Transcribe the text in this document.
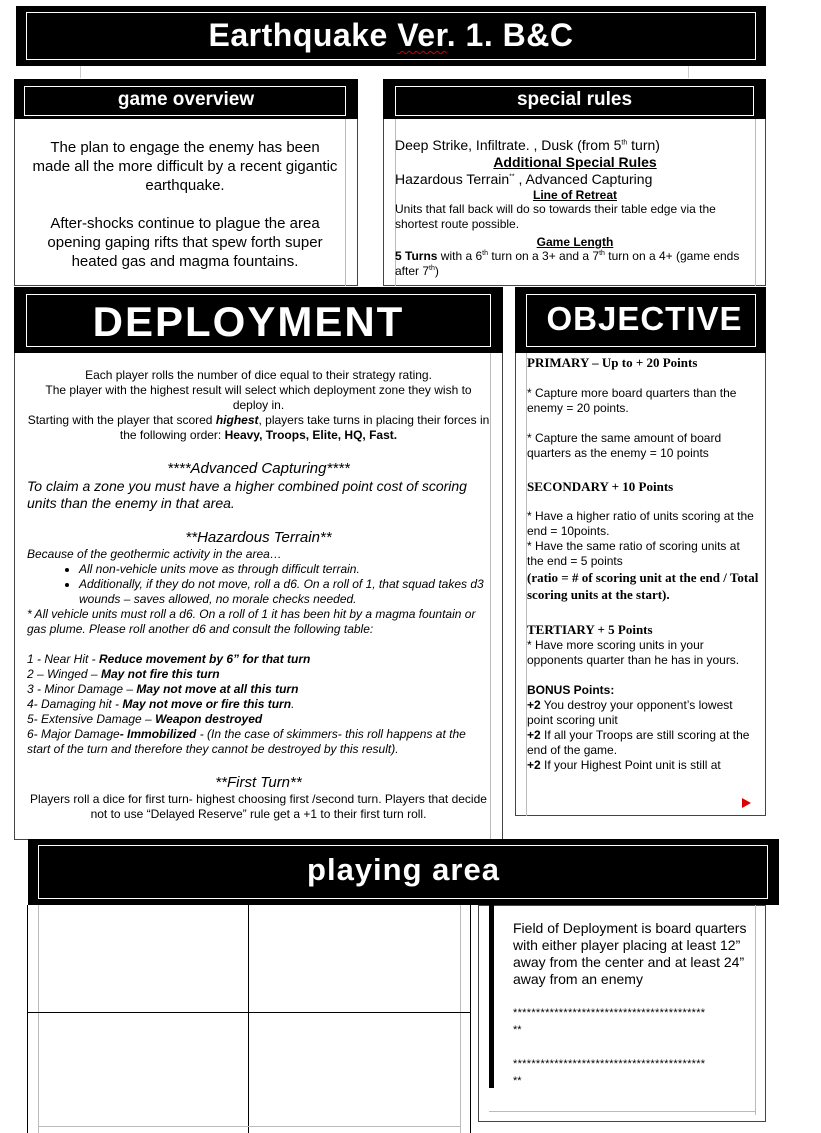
Earthquake Ver. 1. B&C
game overview

The plan to engage the enemy has been made all the more difficult by a recent gigantic earthquake.

After-shocks continue to plague the area opening gaping rifts that spew forth super heated gas and magma fountains.

special rules

Deep Strike, Infiltrate. , Dusk (from 5th turn)

Additional Special Rules

Hazardous Terrain** , Advanced Capturing

Line of Retreat

Units that fall back will do so towards their table edge via the shortest route possible.

Game Length

5 Turns with a 6th turn on a 3+ and a 7th turn on a 4+ (game ends after 7th)

DEPLOYMENT

Each player rolls the number of dice equal to their strategy rating.

The player with the highest result will select which deployment zone they wish to deploy in.

Starting with the player that scored highest, players take turns in placing their forces in the following order: Heavy, Troops, Elite, HQ, Fast.

****Advanced Capturing****

To claim a zone you must have a higher combined point cost of scoring units than the enemy in that area.

**Hazardous Terrain**

Because of the geothermic activity in the area…

• All non-vehicle units move as through difficult terrain.
• Additionally, if they do not move, roll a d6. On a roll of 1, that squad takes d3 wounds – saves allowed, no morale checks needed.

* All vehicle units must roll a d6. On a roll of 1 it has been hit by a magma fountain or gas plume. Please roll another d6 and consult the following table:

1 - Near Hit - Reduce movement by 6” for that turn

2 – Winged – May not fire this turn

3 - Minor Damage – May not move at all this turn

4- Damaging hit - May not move or fire this turn.

5- Extensive Damage – Weapon destroyed

6- Major Damage- Immobilized - (In the case of skimmers- this roll happens at the start of the turn and therefore they cannot be destroyed by this result).

**First Turn**

Players roll a dice for first turn- highest choosing first /second turn. Players that decide not to use “Delayed Reserve” rule get a +1 to their first turn roll.

OBJECTIVE

PRIMARY – Up to + 20 Points

* Capture more board quarters than the enemy = 20 points.

* Capture the same amount of board quarters as the enemy = 10 points

SECONDARY + 10 Points

* Have a higher ratio of units scoring at the end = 10points.

* Have the same ratio of scoring units at the end = 5 points

(ratio = # of scoring unit at the end / Total scoring units at the start).

TERTIARY + 5 Points

* Have more scoring units in your opponents quarter than he has in yours.

BONUS Points:

+2 You destroy your opponent’s lowest point scoring unit

+2 If all your Troops are still scoring at the end of the game.

+2 If your Highest Point unit is still at

playing area

Field of Deployment is board quarters with either player placing at least 12” away from the center and at least 24” away from an enemy

******************************************

**

******************************************

**
